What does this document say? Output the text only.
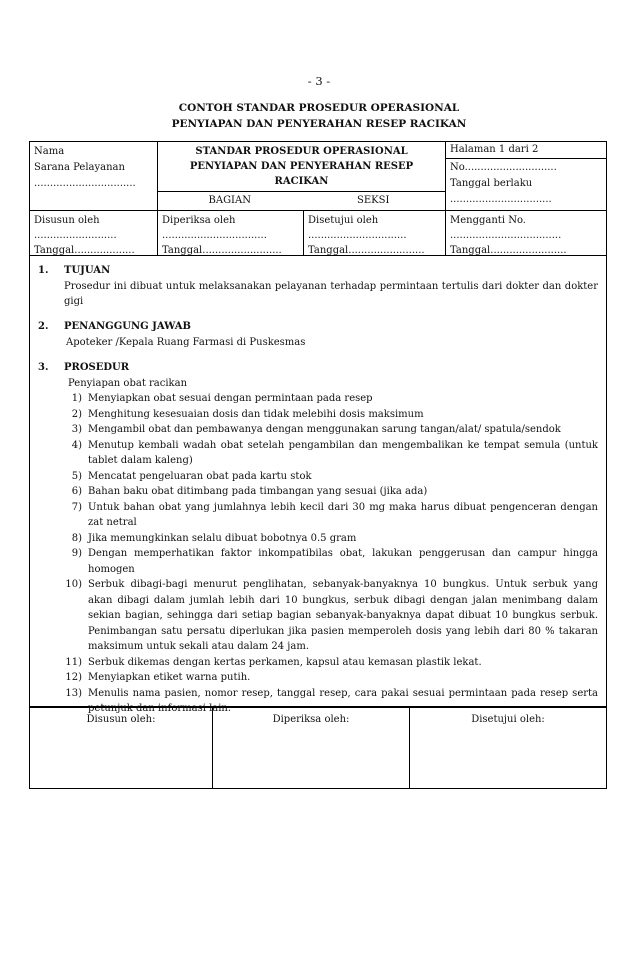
- 3 -
CONTOH STANDAR PROSEDUR OPERASIONAL
PENYIAPAN DAN PENYERAHAN RESEP RACIKAN
Nama
Sarana Pelayanan
................................
STANDAR PROSEDUR OPERASIONAL
PENYIAPAN DAN PENYERAHAN RESEP
RACIKAN
BAGIAN	SEKSI
Halaman 1 dari 2
No.............................
Tanggal berlaku
................................
Disusun oleh
..........................
Tanggal...................
Diperiksa oleh
.................................
Tanggal.........................
Disetujui oleh
...............................
Tanggal........................
Mengganti No.
...................................
Tanggal........................
1.	TUJUAN
Prosedur ini dibuat untuk melaksanakan pelayanan terhadap permintaan tertulis dari dokter dan dokter gigi
2.	PENANGGUNG JAWAB
Apoteker /Kepala Ruang Farmasi di Puskesmas
3.	PROSEDUR
Penyiapan obat racikan
1) Menyiapkan obat sesuai dengan permintaan pada resep
2) Menghitung kesesuaian dosis dan tidak melebihi dosis maksimum
3) Mengambil obat dan pembawanya dengan menggunakan sarung tangan/alat/ spatula/sendok
4) Menutup kembali wadah obat setelah pengambilan dan mengembalikan ke tempat semula (untuk tablet dalam kaleng)
5) Mencatat pengeluaran obat pada kartu stok
6) Bahan baku obat ditimbang pada timbangan yang sesuai (jika ada)
7) Untuk bahan obat yang jumlahnya lebih kecil dari 30 mg maka harus dibuat pengenceran dengan zat netral
8) Jika memungkinkan selalu dibuat bobotnya 0.5 gram
9) Dengan memperhatikan faktor inkompatibilas obat, lakukan penggerusan dan campur hingga homogen
10) Serbuk dibagi-bagi menurut penglihatan, sebanyak-banyaknya 10 bungkus. Untuk serbuk yang akan dibagi dalam jumlah lebih dari 10 bungkus, serbuk dibagi dengan jalan menimbang dalam sekian bagian, sehingga dari setiap bagian sebanyak-banyaknya dapat dibuat 10 bungkus serbuk. Penimbangan satu persatu diperlukan jika pasien memperoleh dosis yang lebih dari 80 % takaran maksimum untuk sekali atau dalam 24 jam.
11) Serbuk dikemas dengan kertas perkamen, kapsul atau kemasan plastik lekat.
12) Menyiapkan etiket warna putih.
13) Menulis nama pasien, nomor resep, tanggal resep, cara pakai sesuai permintaan pada resep serta petunjuk dan informasi lain.
Disusun oleh:	Diperiksa oleh:	Disetujui oleh:
